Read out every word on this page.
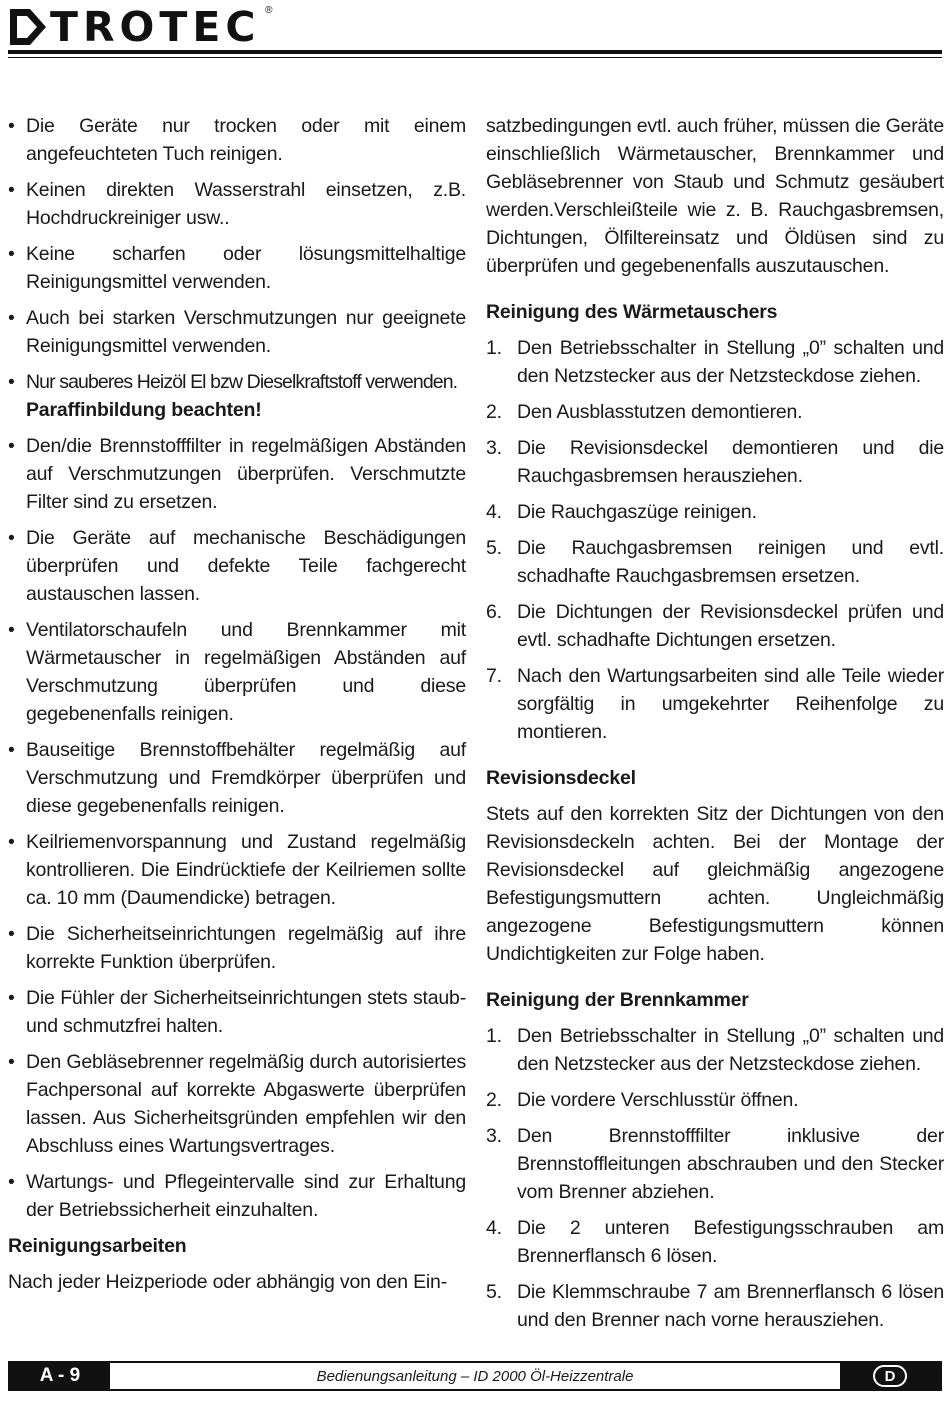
TROTEC ®
• Die Geräte nur trocken oder mit einem angefeuchteten Tuch reinigen.
• Keinen direkten Wasserstrahl einsetzen, z.B. Hochdruckreiniger usw..
• Keine scharfen oder lösungsmittelhaltige Reinigungsmittel verwenden.
• Auch bei starken Verschmutzungen nur geeignete Reinigungsmittel verwenden.
• Nur sauberes Heizöl El bzw Dieselkraftstoff verwenden.
Paraffinbildung beachten!
• Den/die Brennstofffilter in regelmäßigen Abständen auf Verschmutzungen überprüfen. Verschmutzte Filter sind zu ersetzen.
• Die Geräte auf mechanische Beschädigungen überprüfen und defekte Teile fachgerecht austauschen lassen.
• Ventilatorschaufeln und Brennkammer mit Wärmetauscher in regelmäßigen Abständen auf Verschmutzung überprüfen und diese gegebenenfalls reinigen.
• Bauseitige Brennstoffbehälter regelmäßig auf Verschmutzung und Fremdkörper überprüfen und diese gegebenenfalls reinigen.
• Keilriemenvorspannung und Zustand regelmäßig kontrollieren. Die Eindrücktiefe der Keilriemen sollte ca. 10 mm (Daumendicke) betragen.
• Die Sicherheitseinrichtungen regelmäßig auf ihre korrekte Funktion überprüfen.
• Die Fühler der Sicherheitseinrichtungen stets staub- und schmutzfrei halten.
• Den Gebläsebrenner regelmäßig durch autorisiertes Fachpersonal auf korrekte Abgaswerte überprüfen lassen. Aus Sicherheitsgründen empfehlen wir den Abschluss eines Wartungsvertrages.
• Wartungs- und Pflegeintervalle sind zur Erhaltung der Betriebssicherheit einzuhalten.
Reinigungsarbeiten

Nach jeder Heizperiode oder abhängig von den Ein-

satzbedingungen evtl. auch früher, müssen die Geräte einschließlich Wärmetauscher, Brennkammer und Gebläsebrenner von Staub und Schmutz gesäubert werden.Verschleißteile wie z. B. Rauchgasbremsen, Dichtungen, Ölfiltereinsatz und Öldüsen sind zu überprüfen und gegebenenfalls auszutauschen.

Reinigung des Wärmetauschers
1. Den Betriebsschalter in Stellung „0” schalten und den Netzstecker aus der Netzsteckdose ziehen.
2. Den Ausblasstutzen demontieren.
3. Die Revisionsdeckel demontieren und die Rauchgasbremsen herausziehen.
4. Die Rauchgaszüge reinigen.
5. Die Rauchgasbremsen reinigen und evtl. schadhafte Rauchgasbremsen ersetzen.
6. Die Dichtungen der Revisionsdeckel prüfen und evtl. schadhafte Dichtungen ersetzen.
7. Nach den Wartungsarbeiten sind alle Teile wieder sorgfältig in umgekehrter Reihenfolge zu montieren.
Revisionsdeckel

Stets auf den korrekten Sitz der Dichtungen von den Revisionsdeckeln achten. Bei der Montage der Revisionsdeckel auf gleichmäßig angezogene Befestigungsmuttern achten. Ungleichmäßig angezogene Befestigungsmuttern können Undichtigkeiten zur Folge haben.

Reinigung der Brennkammer
1. Den Betriebsschalter in Stellung „0” schalten und den Netzstecker aus der Netzsteckdose ziehen.
2. Die vordere Verschlusstür öffnen.
3. Den Brennstofffilter inklusive der Brennstoffleitungen abschrauben und den Stecker vom Brenner abziehen.
4. Die 2 unteren Befestigungsschrauben am Brennerflansch 6 lösen.
5. Die Klemmschraube 7 am Brennerflansch 6 lösen und den Brenner nach vorne herausziehen.
A - 9	Bedienungsanleitung – ID 2000 Öl-Heizzentrale	D
